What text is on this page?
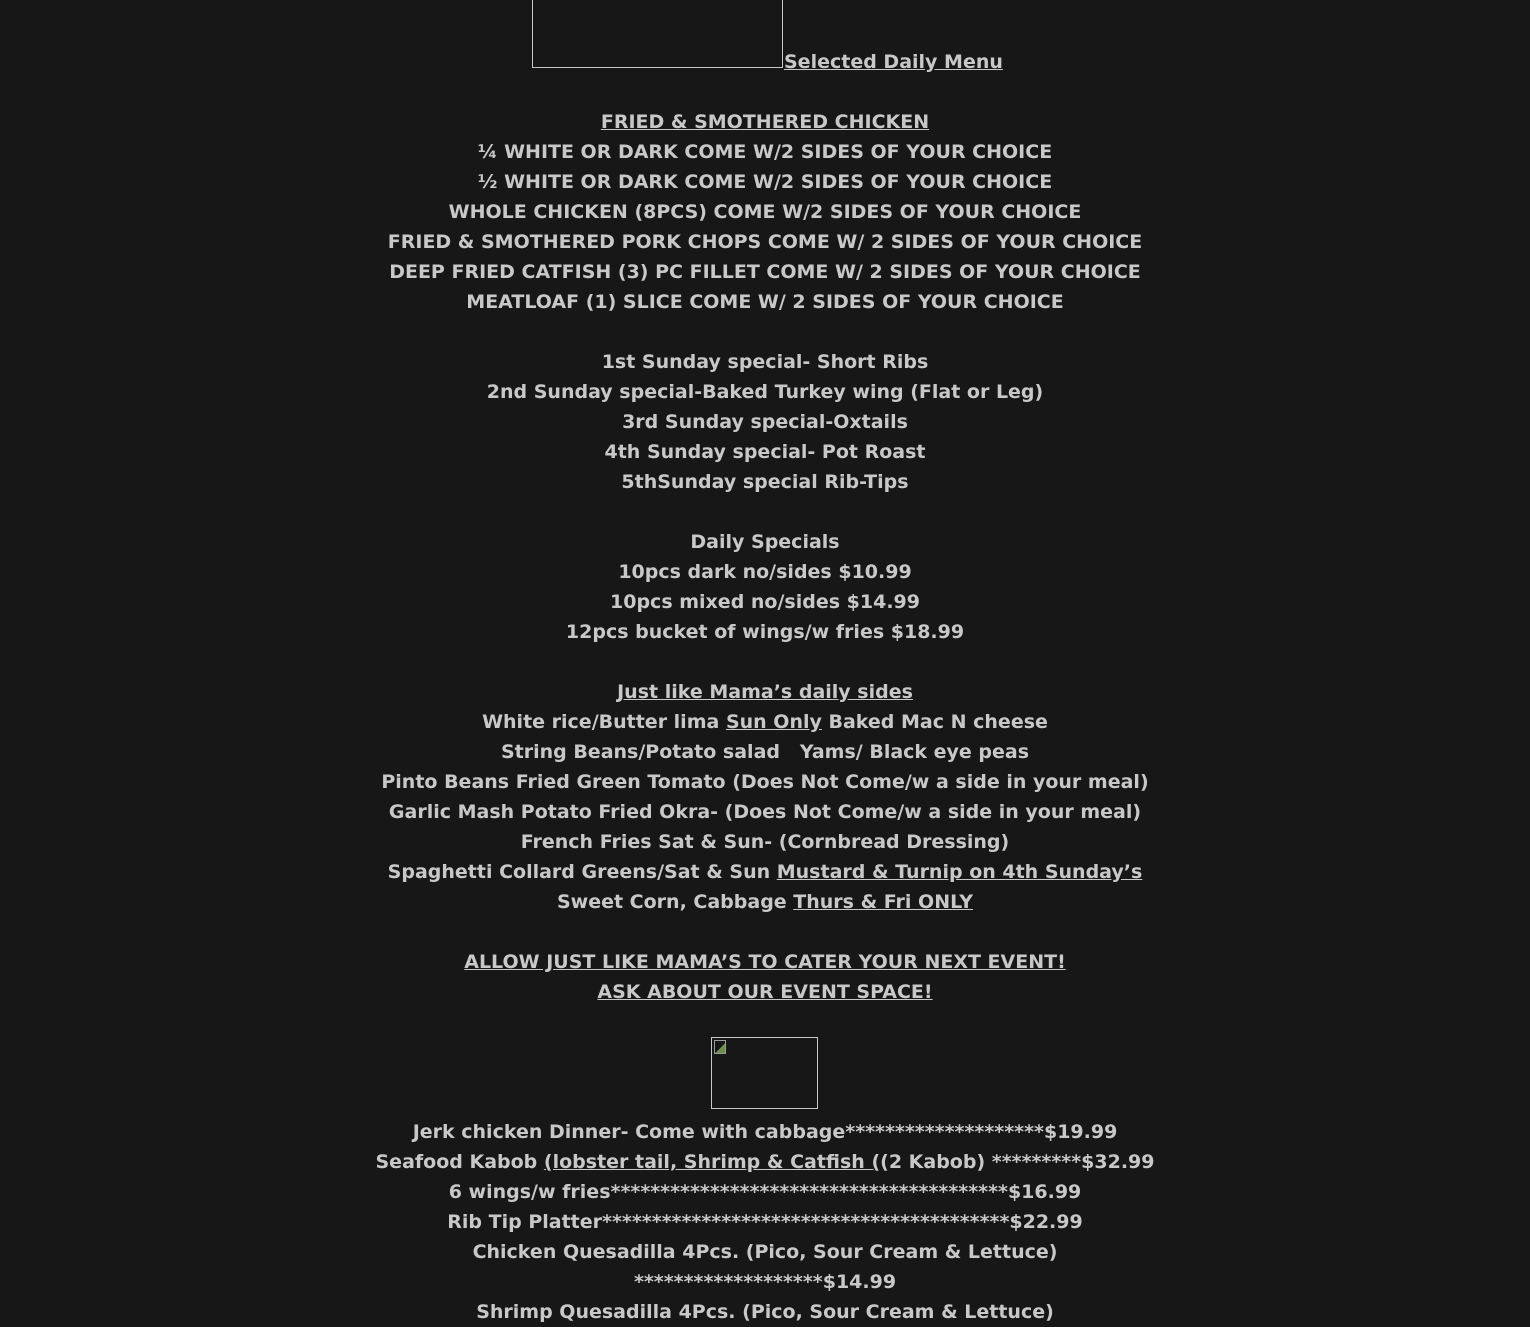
Selected Daily Menu
FRIED & SMOTHERED CHICKEN
¼ WHITE OR DARK COME W/2 SIDES OF YOUR CHOICE
½ WHITE OR DARK COME W/2 SIDES OF YOUR CHOICE
WHOLE CHICKEN (8PCS) COME W/2 SIDES OF YOUR CHOICE
FRIED & SMOTHERED PORK CHOPS COME W/ 2 SIDES OF YOUR CHOICE
DEEP FRIED CATFISH (3) PC FILLET COME W/ 2 SIDES OF YOUR CHOICE
MEATLOAF (1) SLICE COME W/ 2 SIDES OF YOUR CHOICE
1st Sunday special- Short Ribs
2nd Sunday special-Baked Turkey wing (Flat or Leg)
3rd Sunday special-Oxtails
4th Sunday special- Pot Roast
5thSunday special Rib-Tips
Daily Specials
10pcs dark no/sides $10.99
10pcs mixed no/sides $14.99
12pcs bucket of wings/w fries $18.99
Just like Mama’s daily sides
White rice/Butter lima Sun Only Baked Mac N cheese
String Beans/Potato salad   Yams/ Black eye peas
Pinto Beans Fried Green Tomato (Does Not Come/w a side in your meal)
Garlic Mash Potato Fried Okra- (Does Not Come/w a side in your meal)
French Fries Sat & Sun- (Cornbread Dressing)
Spaghetti Collard Greens/Sat & Sun Mustard & Turnip on 4th Sunday’s
Sweet Corn, Cabbage Thurs & Fri ONLY
ALLOW JUST LIKE MAMA’S TO CATER YOUR NEXT EVENT!
ASK ABOUT OUR EVENT SPACE!
Jerk chicken Dinner- Come with cabbage********************$19.99
Seafood Kabob (lobster tail, Shrimp & Catfish ((2 Kabob) *********$32.99
6 wings/w fries****************************************$16.99
Rib Tip Platter*****************************************$22.99
Chicken Quesadilla 4Pcs. (Pico, Sour Cream & Lettuce)
*******************$14.99
Shrimp Quesadilla 4Pcs. (Pico, Sour Cream & Lettuce)
